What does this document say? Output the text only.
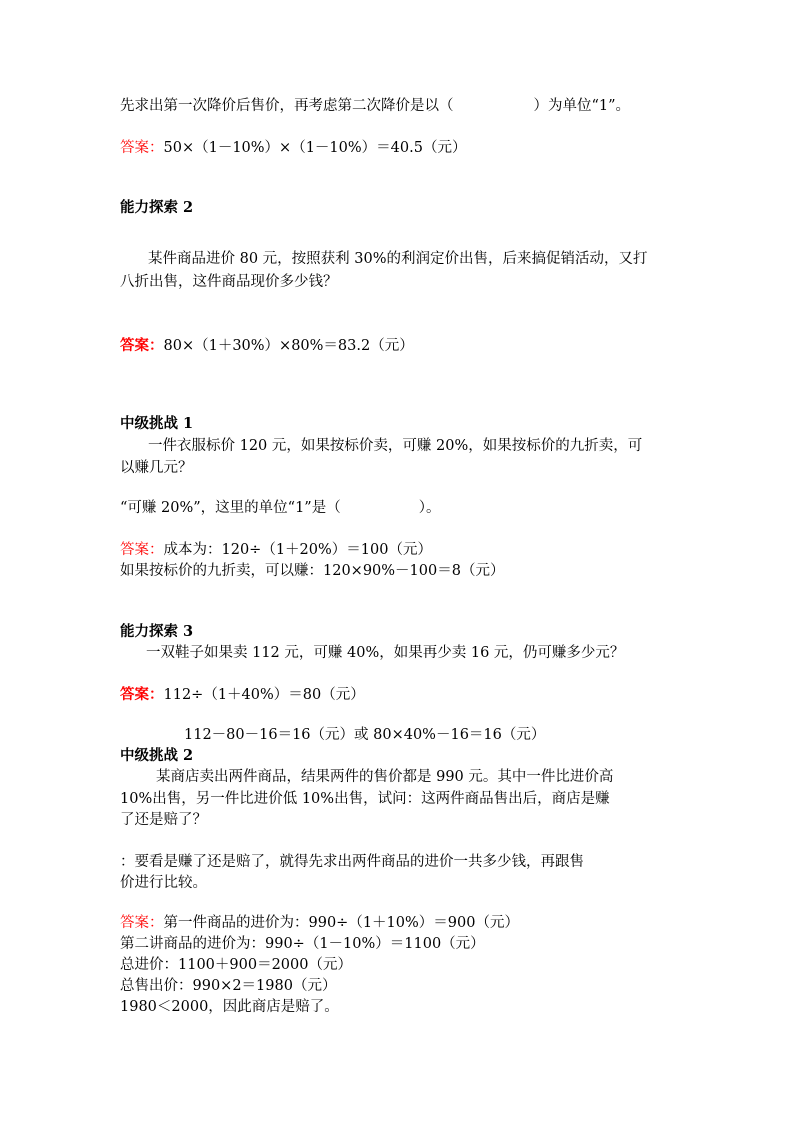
先求出第一次降价后售价，再考虑第二次降价是以（	）为单位“1”。
答案：50×（1－10%）×（1－10%）＝40.5（元）
能力探索 2
某件商品进价 80 元，按照获利 30%的利润定价出售，后来搞促销活动，又打
八折出售，这件商品现价多少钱？
答案：80×（1＋30%）×80%＝83.2（元）
中级挑战 1
一件衣服标价 120 元，如果按标价卖，可赚 20%，如果按标价的九折卖，可
以赚几元？
“可赚 20%”，这里的单位“1”是（	）。
答案：成本为：120÷（1＋20%）＝100（元）
如果按标价的九折卖，可以赚：120×90%－100＝8（元）
能力探索 3
一双鞋子如果卖 112 元，可赚 40%，如果再少卖 16 元，仍可赚多少元？
答案：112÷（1＋40%）＝80（元）
112－80－16＝16（元）或 80×40%－16＝16（元）
中级挑战 2
某商店卖出两件商品，结果两件的售价都是 990 元。其中一件比进价高
10%出售，另一件比进价低 10%出售，试问：这两件商品售出后，商店是赚
了还是赔了？
：要看是赚了还是赔了，就得先求出两件商品的进价一共多少钱，再跟售
价进行比较。
答案：第一件商品的进价为：990÷（1＋10%）＝900（元）
第二讲商品的进价为：990÷（1－10%）＝1100（元）
总进价：1100＋900＝2000（元）
总售出价：990×2＝1980（元）
1980＜2000，因此商店是赔了。
